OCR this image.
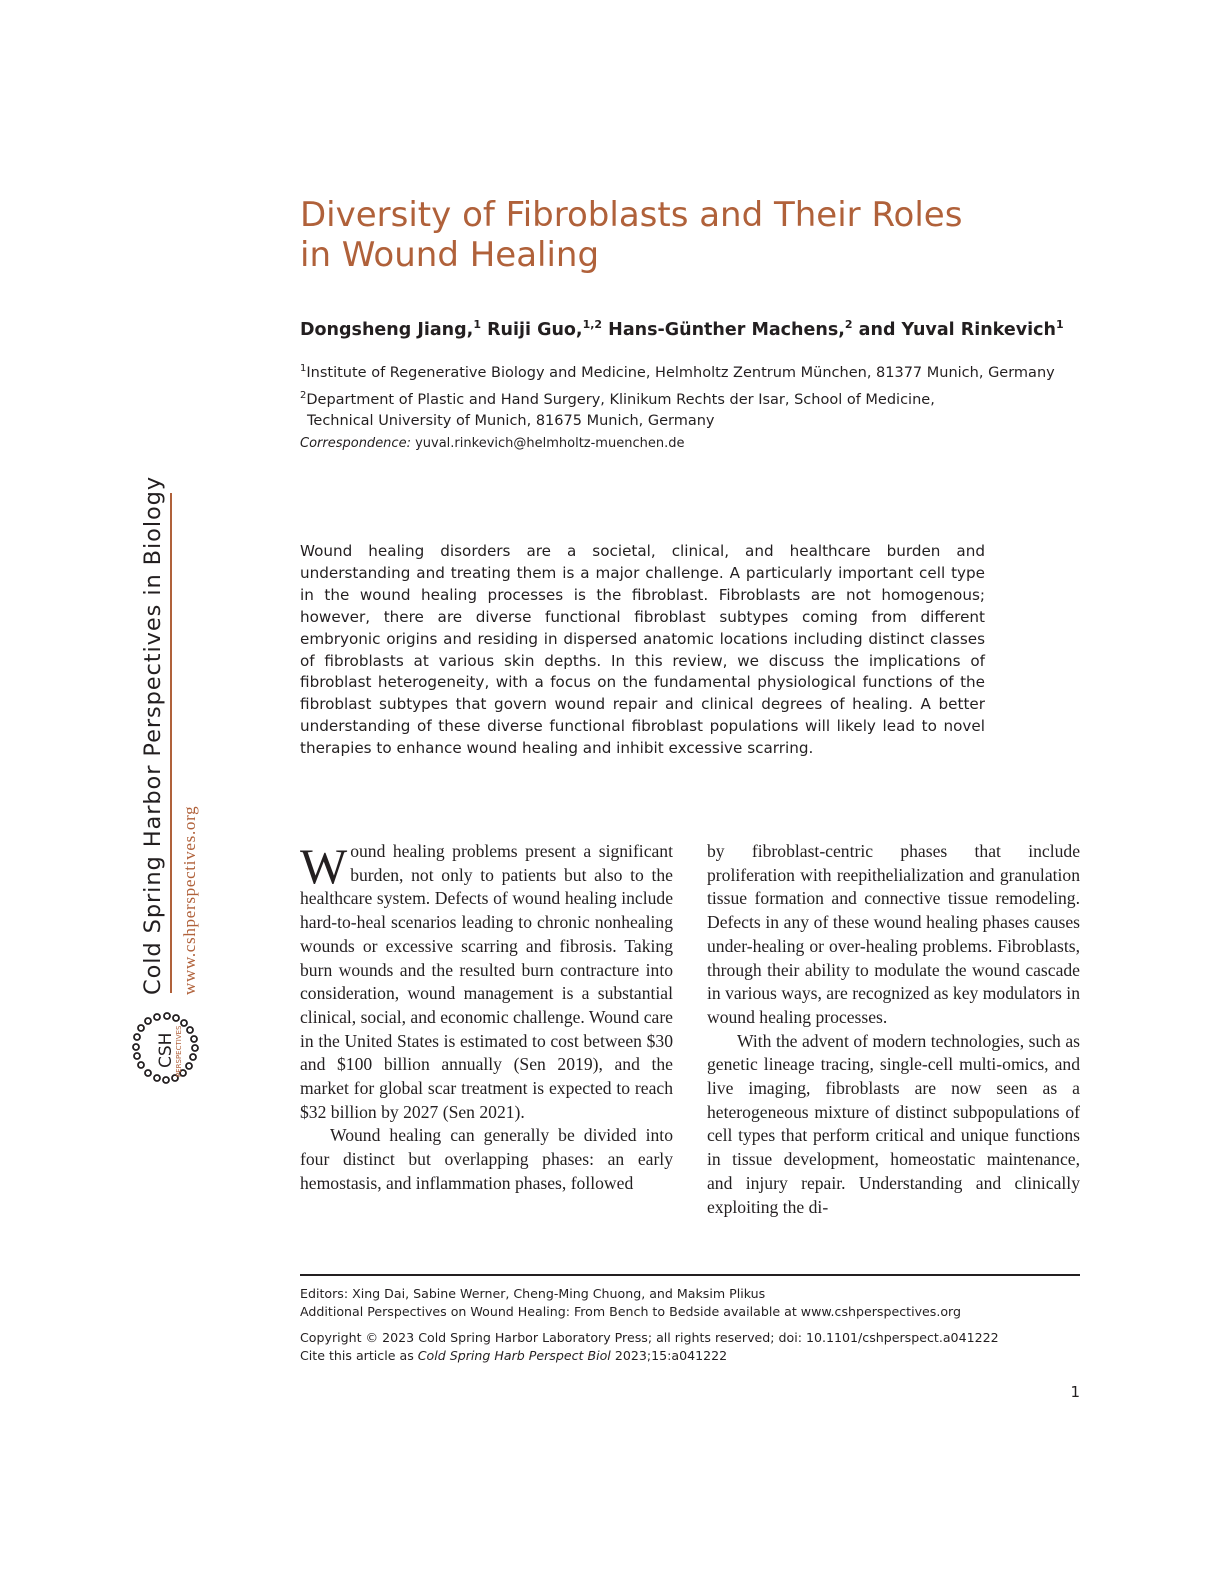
Cold Spring Harbor Perspectives in Biology www.cshperspectives.org
CSH PERSPECTIVES
Diversity of Fibroblasts and Their Roles
in Wound Healing
Dongsheng Jiang,$^1$ Ruiji Guo,$^{1,2}$ Hans-Günther Machens,$^2$ and Yuval Rinkevich$^1$
$^1$Institute of Regenerative Biology and Medicine, Helmholtz Zentrum München, 81377 Munich, Germany
$^2$Department of Plastic and Hand Surgery, Klinikum Rechts der Isar, School of Medicine,
Technical University of Munich, 81675 Munich, Germany
Correspondence: yuval.rinkevich@helmholtz-muenchen.de

Wound healing disorders are a societal, clinical, and healthcare burden and understanding and treating them is a major challenge. A particularly important cell type in the wound healing processes is the fibroblast. Fibroblasts are not homogenous; however, there are diverse functional fibroblast subtypes coming from different embryonic origins and residing in dispersed anatomic locations including distinct classes of fibroblasts at various skin depths. In this review, we discuss the implications of fibroblast heterogeneity, with a focus on the fundamental physiological functions of the fibroblast subtypes that govern wound repair and clinical degrees of healing. A better understanding of these diverse functional fibroblast populations will likely lead to novel therapies to enhance wound healing and inhibit excessive scarring.

Wound healing problems present a significant burden, not only to patients but also to the healthcare system. Defects of wound healing include hard-to-heal scenarios leading to chronic nonhealing wounds or excessive scarring and fibrosis. Taking burn wounds and the resulted burn contracture into consideration, wound management is a substantial clinical, social, and economic challenge. Wound care in the United States is estimated to cost between $30 and $100 billion annually (Sen 2019), and the market for global scar treatment is expected to reach $32 billion by 2027 (Sen 2021).

Wound healing can generally be divided into four distinct but overlapping phases: an early hemostasis, and inflammation phases, followed

by fibroblast-centric phases that include proliferation with reepithelialization and granulation tissue formation and connective tissue remodeling. Defects in any of these wound healing phases causes under-healing or over-healing problems. Fibroblasts, through their ability to modulate the wound cascade in various ways, are recognized as key modulators in wound healing processes.

With the advent of modern technologies, such as genetic lineage tracing, single-cell multi-omics, and live imaging, fibroblasts are now seen as a heterogeneous mixture of distinct subpopulations of cell types that perform critical and unique functions in tissue development, homeostatic maintenance, and injury repair. Understanding and clinically exploiting the di-

Editors: Xing Dai, Sabine Werner, Cheng-Ming Chuong, and Maksim Plikus
Additional Perspectives on Wound Healing: From Bench to Bedside available at www.cshperspectives.org
Copyright © 2023 Cold Spring Harbor Laboratory Press; all rights reserved; doi: 10.1101/cshperspect.a041222
Cite this article as Cold Spring Harb Perspect Biol 2023;15:a041222
1
